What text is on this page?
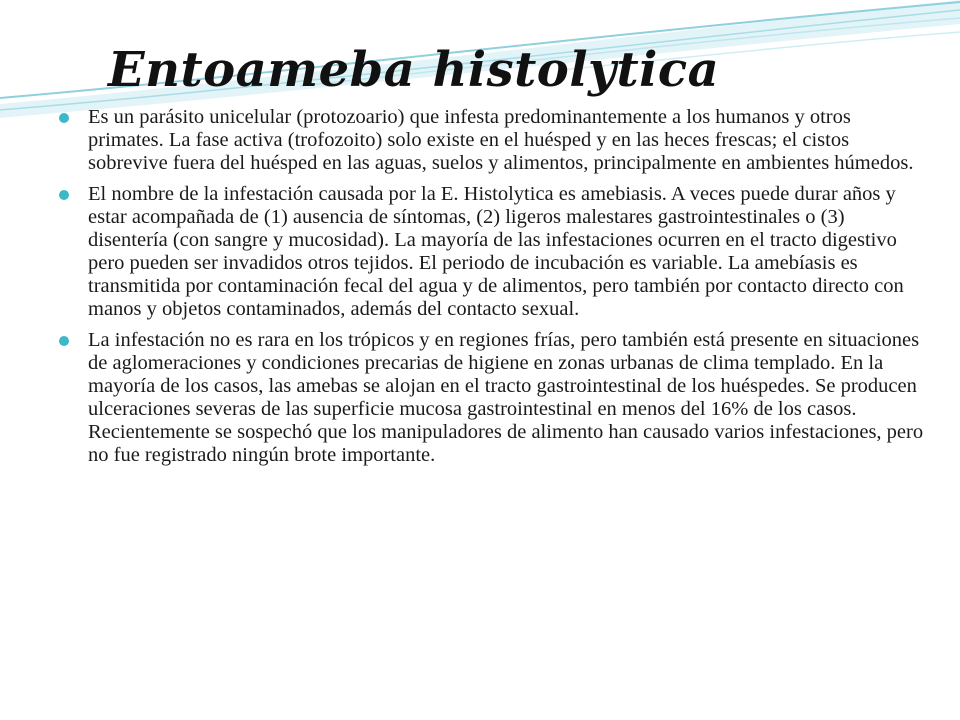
Entoameba histolytica
Es un parásito unicelular (protozoario) que infesta predominantemente a los humanos y otros primates. La fase activa (trofozoito) solo existe en el huésped y en las heces frescas; el cistos sobrevive fuera del huésped en las aguas, suelos y alimentos, principalmente en ambientes húmedos.
El nombre de la infestación causada por la E. Histolytica es amebiasis. A veces puede durar años y estar acompañada de (1) ausencia de síntomas, (2) ligeros malestares gastrointestinales o (3) disentería (con sangre y mucosidad). La mayoría de las infestaciones ocurren en el tracto digestivo pero pueden ser invadidos otros tejidos. El periodo de incubación es variable. La amebíasis es transmitida por contaminación fecal del agua y de alimentos, pero también por contacto directo con manos y objetos contaminados, además del contacto sexual.
La infestación no es rara en los trópicos y en regiones frías, pero también está presente en situaciones de aglomeraciones y condiciones precarias de higiene en zonas urbanas de clima templado. En la mayoría de los casos, las amebas se alojan en el tracto gastrointestinal de los huéspedes. Se producen ulceraciones severas de las superficie mucosa gastrointestinal en menos del 16% de los casos. Recientemente se sospechó que los manipuladores de alimento han causado varios infestaciones, pero no fue registrado ningún brote importante.
